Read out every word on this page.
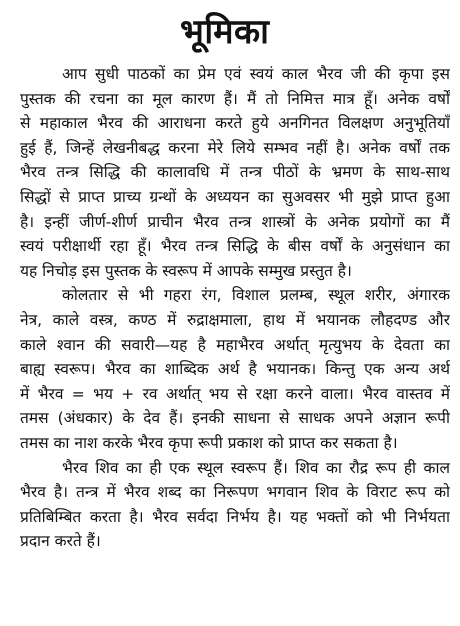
भूमिका

आप सुधी पाठकों का प्रेम एवं स्वयं काल भैरव जी की कृपा इस
पुस्तक की रचना का मूल कारण हैं। मैं तो निमित्त मात्र हूँ। अनेक वर्षों
से महाकाल भैरव की आराधना करते हुये अनगिनत विलक्षण अनुभूतियाँ
हुई हैं, जिन्हें लेखनीबद्ध करना मेरे लिये सम्भव नहीं है। अनेक वर्षों तक
भैरव तन्त्र सिद्धि की कालावधि में तन्त्र पीठों के भ्रमण के साथ-साथ
सिद्धों से प्राप्त प्राच्य ग्रन्थों के अध्ययन का सुअवसर भी मुझे प्राप्त हुआ
है। इन्हीं जीर्ण-शीर्ण प्राचीन भैरव तन्त्र शास्त्रों के अनेक प्रयोगों का मैं
स्वयं परीक्षार्थी रहा हूँ। भैरव तन्त्र सिद्धि के बीस वर्षों के अनुसंधान का
यह निचोड़ इस पुस्तक के स्वरूप में आपके सम्मुख प्रस्तुत है।

कोलतार से भी गहरा रंग, विशाल प्रलम्ब, स्थूल शरीर, अंगारक
नेत्र, काले वस्त्र, कण्ठ में रुद्राक्षमाला, हाथ में भयानक लौहदण्ड और
काले श्वान की सवारी—यह है महाभैरव अर्थात् मृत्युभय के देवता का
बाह्य स्वरूप। भैरव का शाब्दिक अर्थ है भयानक। किन्तु एक अन्य अर्थ
में भैरव = भय + रव अर्थात् भय से रक्षा करने वाला। भैरव वास्तव में
तमस (अंधकार) के देव हैं। इनकी साधना से साधक अपने अज्ञान रूपी
तमस का नाश करके भैरव कृपा रूपी प्रकाश को प्राप्त कर सकता है।

भैरव शिव का ही एक स्थूल स्वरूप हैं। शिव का रौद्र रूप ही काल
भैरव है। तन्त्र में भैरव शब्द का निरूपण भगवान शिव के विराट रूप को
प्रतिबिम्बित करता है। भैरव सर्वदा निर्भय है। यह भक्तों को भी निर्भयता
प्रदान करते हैं।
